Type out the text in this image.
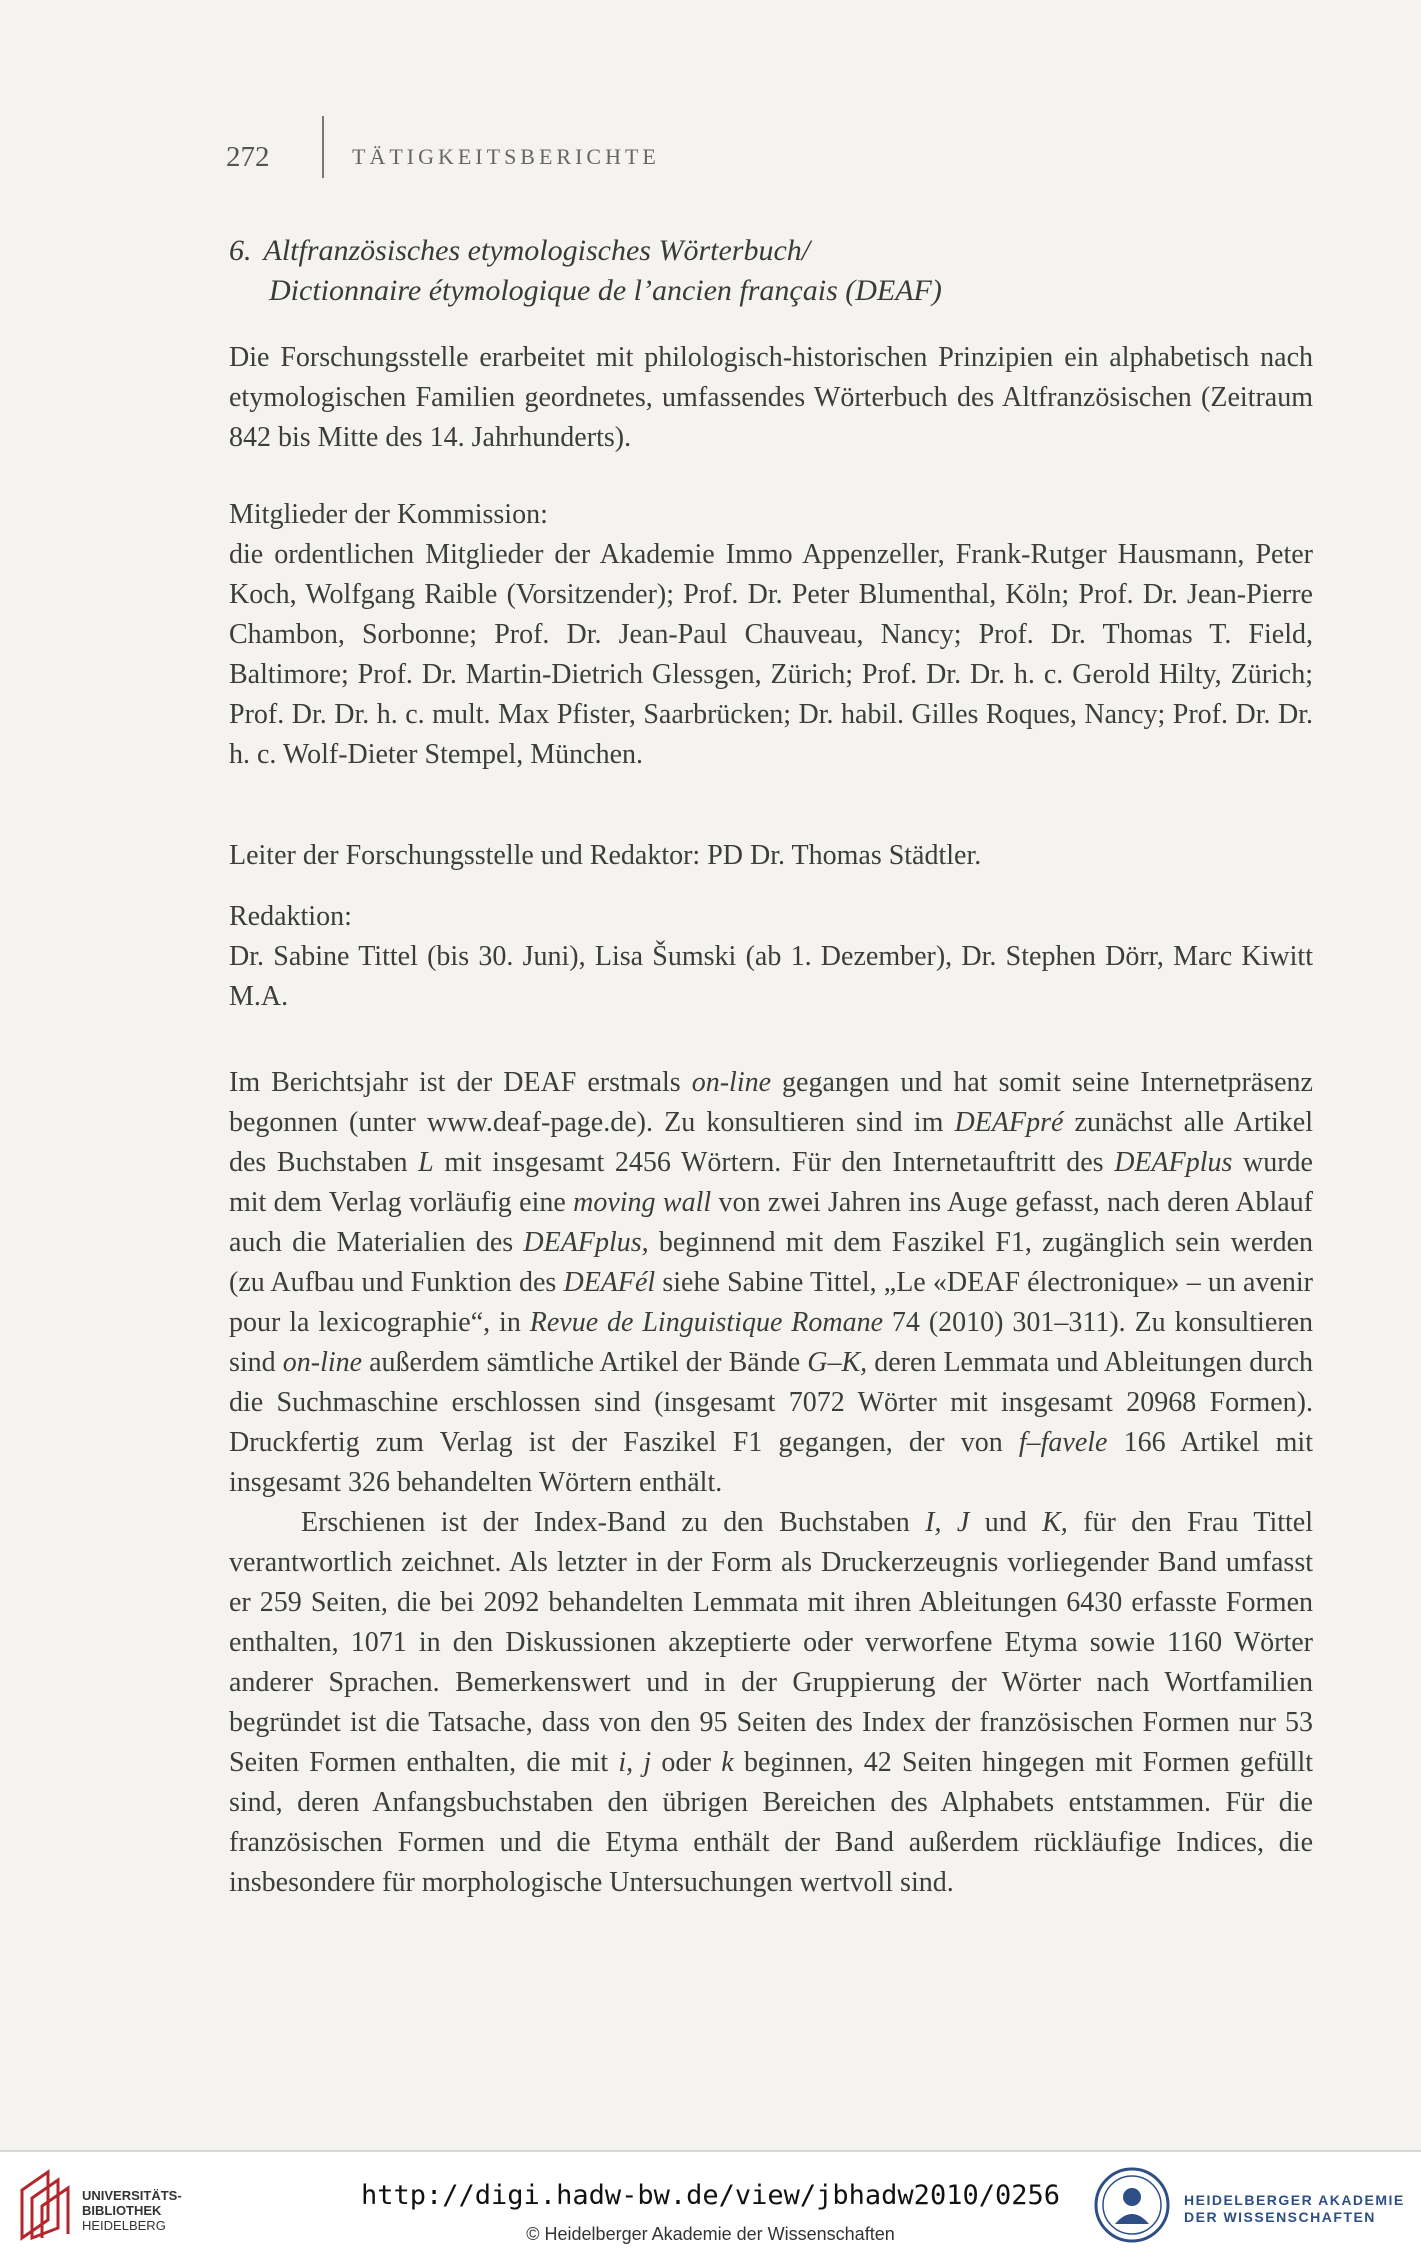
272	TÄTIGKEITSBERICHTE
6. Altfranzösisches etymologisches Wörterbuch/
Dictionnaire étymologique de l’ancien français (DEAF)

Die Forschungsstelle erarbeitet mit philologisch-historischen Prinzipien ein alphabetisch nach etymologischen Familien geordnetes, umfassendes Wörterbuch des Altfranzösischen (Zeitraum 842 bis Mitte des 14. Jahrhunderts).

Mitglieder der Kommission:

die ordentlichen Mitglieder der Akademie Immo Appenzeller, Frank-Rutger Hausmann, Peter Koch, Wolfgang Raible (Vorsitzender); Prof. Dr. Peter Blumenthal, Köln; Prof. Dr. Jean-Pierre Chambon, Sorbonne; Prof. Dr. Jean-Paul Chauveau, Nancy; Prof. Dr. Thomas T. Field, Baltimore; Prof. Dr. Martin-Dietrich Glessgen, Zürich; Prof. Dr. Dr. h. c. Gerold Hilty, Zürich; Prof. Dr. Dr. h. c. mult. Max Pfister, Saarbrücken; Dr. habil. Gilles Roques, Nancy; Prof. Dr. Dr. h. c. Wolf-Dieter Stempel, München.

Leiter der Forschungsstelle und Redaktor: PD Dr. Thomas Städtler.

Redaktion:

Dr. Sabine Tittel (bis 30. Juni), Lisa Šumski (ab 1. Dezember), Dr. Stephen Dörr, Marc Kiwitt M.A.

Im Berichtsjahr ist der DEAF erstmals on-line gegangen und hat somit seine Internetpräsenz begonnen (unter www.deaf-page.de). Zu konsultieren sind im DEAFpré zunächst alle Artikel des Buchstaben L mit insgesamt 2456 Wörtern. Für den Internetauftritt des DEAFplus wurde mit dem Verlag vorläufig eine moving wall von zwei Jahren ins Auge gefasst, nach deren Ablauf auch die Materialien des DEAFplus, beginnend mit dem Faszikel F1, zugänglich sein werden (zu Aufbau und Funktion des DEAFél siehe Sabine Tittel, „Le «DEAF électronique» – un avenir pour la lexicographie“, in Revue de Linguistique Romane 74 (2010) 301–311). Zu konsultieren sind on-line außerdem sämtliche Artikel der Bände G–K, deren Lemmata und Ableitungen durch die Suchmaschine erschlossen sind (insgesamt 7072 Wörter mit insgesamt 20968 Formen). Druckfertig zum Verlag ist der Faszikel F1 gegangen, der von f–favele 166 Artikel mit insgesamt 326 behandelten Wörtern enthält.

Erschienen ist der Index-Band zu den Buchstaben I, J und K, für den Frau Tittel verantwortlich zeichnet. Als letzter in der Form als Druckerzeugnis vorliegender Band umfasst er 259 Seiten, die bei 2092 behandelten Lemmata mit ihren Ableitungen 6430 erfasste Formen enthalten, 1071 in den Diskussionen akzeptierte oder verworfene Etyma sowie 1160 Wörter anderer Sprachen. Bemerkenswert und in der Gruppierung der Wörter nach Wortfamilien begründet ist die Tatsache, dass von den 95 Seiten des Index der französischen Formen nur 53 Seiten Formen enthalten, die mit i, j oder k beginnen, 42 Seiten hingegen mit Formen gefüllt sind, deren Anfangsbuchstaben den übrigen Bereichen des Alphabets entstammen. Für die französischen Formen und die Etyma enthält der Band außerdem rückläufige Indices, die insbesondere für morphologische Untersuchungen wertvoll sind.

UNIVERSITÄTS-
BIBLIOTHEK
HEIDELBERG
http://digi.hadw-bw.de/view/jbhadw2010/0256
© Heidelberger Akademie der Wissenschaften
HEIDELBERGER AKADEMIE
DER WISSENSCHAFTEN
